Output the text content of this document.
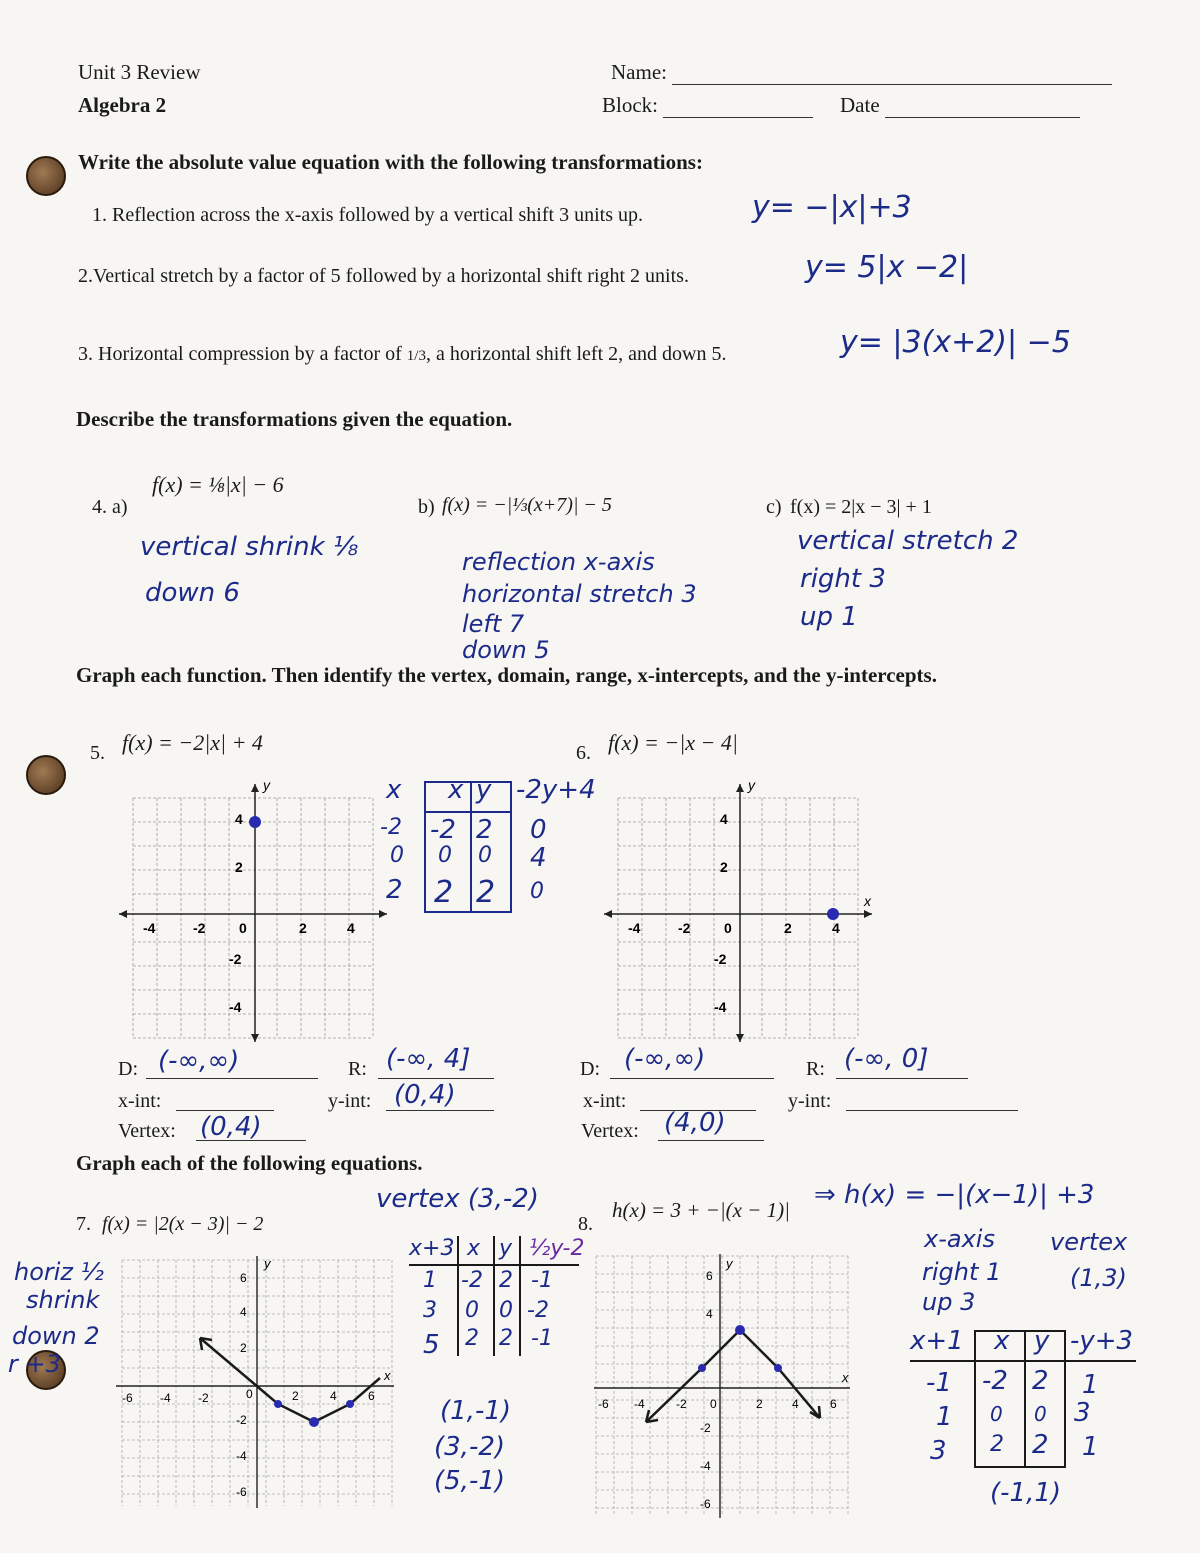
Unit 3 Review
Algebra 2
Name:
Block:	Date
Write the absolute value equation with the following transformations:
1. Reflection across the x-axis followed by a vertical shift 3 units up.	y= −|x|+3
2.Vertical stretch by a factor of 5 followed by a horizontal shift right 2 units.	y= 5|x −2|
3. Horizontal compression by a factor of 1/3, a horizontal shift left 2, and down 5.	y= |3(x+2)| −5
Describe the transformations given the equation.
4. a)
f(x) = ⅛|x| − 6
b) f(x) = −|⅓(x+7)| − 5	c) f(x) = 2|x − 3| + 1
vertical shrink ⅛
down 6
reflection x-axis
horizontal stretch 3
left 7
down 5
vertical stretch 2
right 3
up 1
Graph each function. Then identify the vertex, domain, range, x-intercepts, and the y-intercepts.
5. f(x) = −2|x| + 4	6. f(x) = −|x − 4|
y
-4	-2 0	2	4
4
2
-2
-4
x x y -2y+4
-2 -2 2 0
0 0 0 4
2 2 2 0
y
x
-4	-2 0	2	4
4
2
-2
-4
D: (-∞,∞)	R: (-∞, 4]
x-int:	y-int: (0,4)
Vertex: (0,4)
D: (-∞,∞)	R: (-∞, 0]
x-int:	y-int:
Vertex: (4,0)
Graph each of the following equations.
vertex (3,-2)
7. f(x) = |2(x − 3)| − 2
horiz ½
shrink
down 2
r +3
y
x
-6 -4 -2	0	2	4	6
6
4
2
-2
-4
-6
x+3 x y ½y-2
1 -2 2 -1
3 0 0 -2
5 2 2 -1
(1,-1)
(3,-2)
(5,-1)
8.
h(x) = 3 + −|(x − 1)| ⇒ h(x) = −|(x−1)| +3
x-axis
right 1
up 3
vertex
(1,3)
y
x
-6 -4	-2 0	2 4	6
6
4
-2
-4
-6
x+1 x y -y+3
-1 -2 2 1
1 0 0 3
3 2 2 1
(-1,1)
